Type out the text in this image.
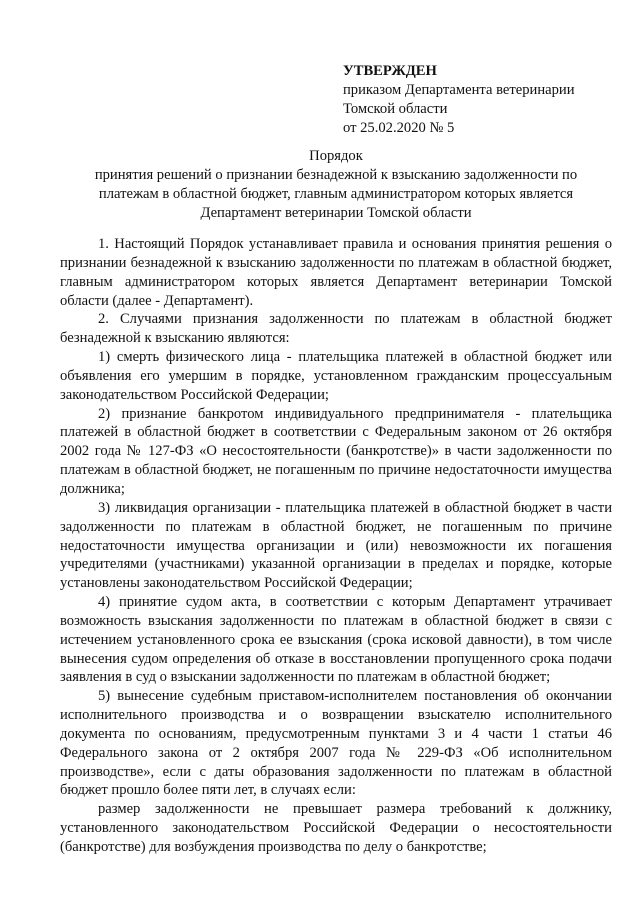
УТВЕРЖДЕН
приказом Департамента ветеринарии
Томской области
от 25.02.2020 № 5
Порядок
принятия решений о признании безнадежной к взысканию задолженности по
платежам в областной бюджет, главным администратором которых является
Департамент ветеринарии Томской области

1. Настоящий Порядок устанавливает правила и основания принятия решения о признании безнадежной к взысканию задолженности по платежам в областной бюджет, главным администратором которых является Департамент ветеринарии Томской области (далее - Департамент).

2. Случаями признания задолженности по платежам в областной бюджет безнадежной к взысканию являются:

1) смерть физического лица - плательщика платежей в областной бюджет или объявления его умершим в порядке, установленном гражданским процессуальным законодательством Российской Федерации;

2) признание банкротом индивидуального предпринимателя - плательщика платежей в областной бюджет в соответствии с Федеральным законом от 26 октября 2002 года № 127-ФЗ «О несостоятельности (банкротстве)» в части задолженности по платежам в областной бюджет, не погашенным по причине недостаточности имущества должника;

3) ликвидация организации - плательщика платежей в областной бюджет в части задолженности по платежам в областной бюджет, не погашенным по причине недостаточности имущества организации и (или) невозможности их погашения учредителями (участниками) указанной организации в пределах и порядке, которые установлены законодательством Российской Федерации;

4) принятие судом акта, в соответствии с которым Департамент утрачивает возможность взыскания задолженности по платежам в областной бюджет в связи с истечением установленного срока ее взыскания (срока исковой давности), в том числе вынесения судом определения об отказе в восстановлении пропущенного срока подачи заявления в суд о взыскании задолженности по платежам в областной бюджет;

5) вынесение судебным приставом-исполнителем постановления об окончании исполнительного производства и о возвращении взыскателю исполнительного документа по основаниям, предусмотренным пунктами 3 и 4 части 1 статьи 46 Федерального закона от 2 октября 2007 года № 229-ФЗ «Об исполнительном производстве», если с даты образования задолженности по платежам в областной бюджет прошло более пяти лет, в случаях если:

размер задолженности не превышает размера требований к должнику, установленного законодательством Российской Федерации о несостоятельности (банкротстве) для возбуждения производства по делу о банкротстве;
